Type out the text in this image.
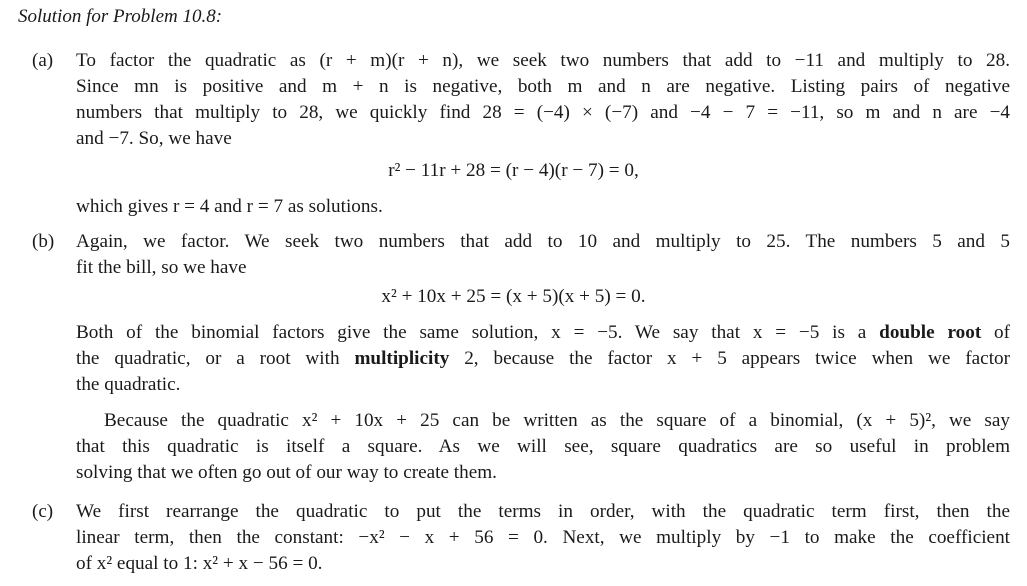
Solution for Problem 10.8:
(a) To factor the quadratic as (r + m)(r + n), we seek two numbers that add to −11 and multiply to 28.
Since mn is positive and m + n is negative, both m and n are negative. Listing pairs of negative
numbers that multiply to 28, we quickly find 28 = (−4) × (−7) and −4 − 7 = −11, so m and n are −4
and −7. So, we have
r² − 11r + 28 = (r − 4)(r − 7) = 0,
which gives r = 4 and r = 7 as solutions.
(b) Again, we factor. We seek two numbers that add to 10 and multiply to 25. The numbers 5 and 5
fit the bill, so we have
x² + 10x + 25 = (x + 5)(x + 5) = 0.
Both of the binomial factors give the same solution, x = −5. We say that x = −5 is a double root of
the quadratic, or a root with multiplicity 2, because the factor x + 5 appears twice when we factor
the quadratic.
Because the quadratic x² + 10x + 25 can be written as the square of a binomial, (x + 5)², we say
that this quadratic is itself a square. As we will see, square quadratics are so useful in problem
solving that we often go out of our way to create them.
(c) We first rearrange the quadratic to put the terms in order, with the quadratic term first, then the
linear term, then the constant: −x² − x + 56 = 0. Next, we multiply by −1 to make the coefficient
of x² equal to 1: x² + x − 56 = 0.
